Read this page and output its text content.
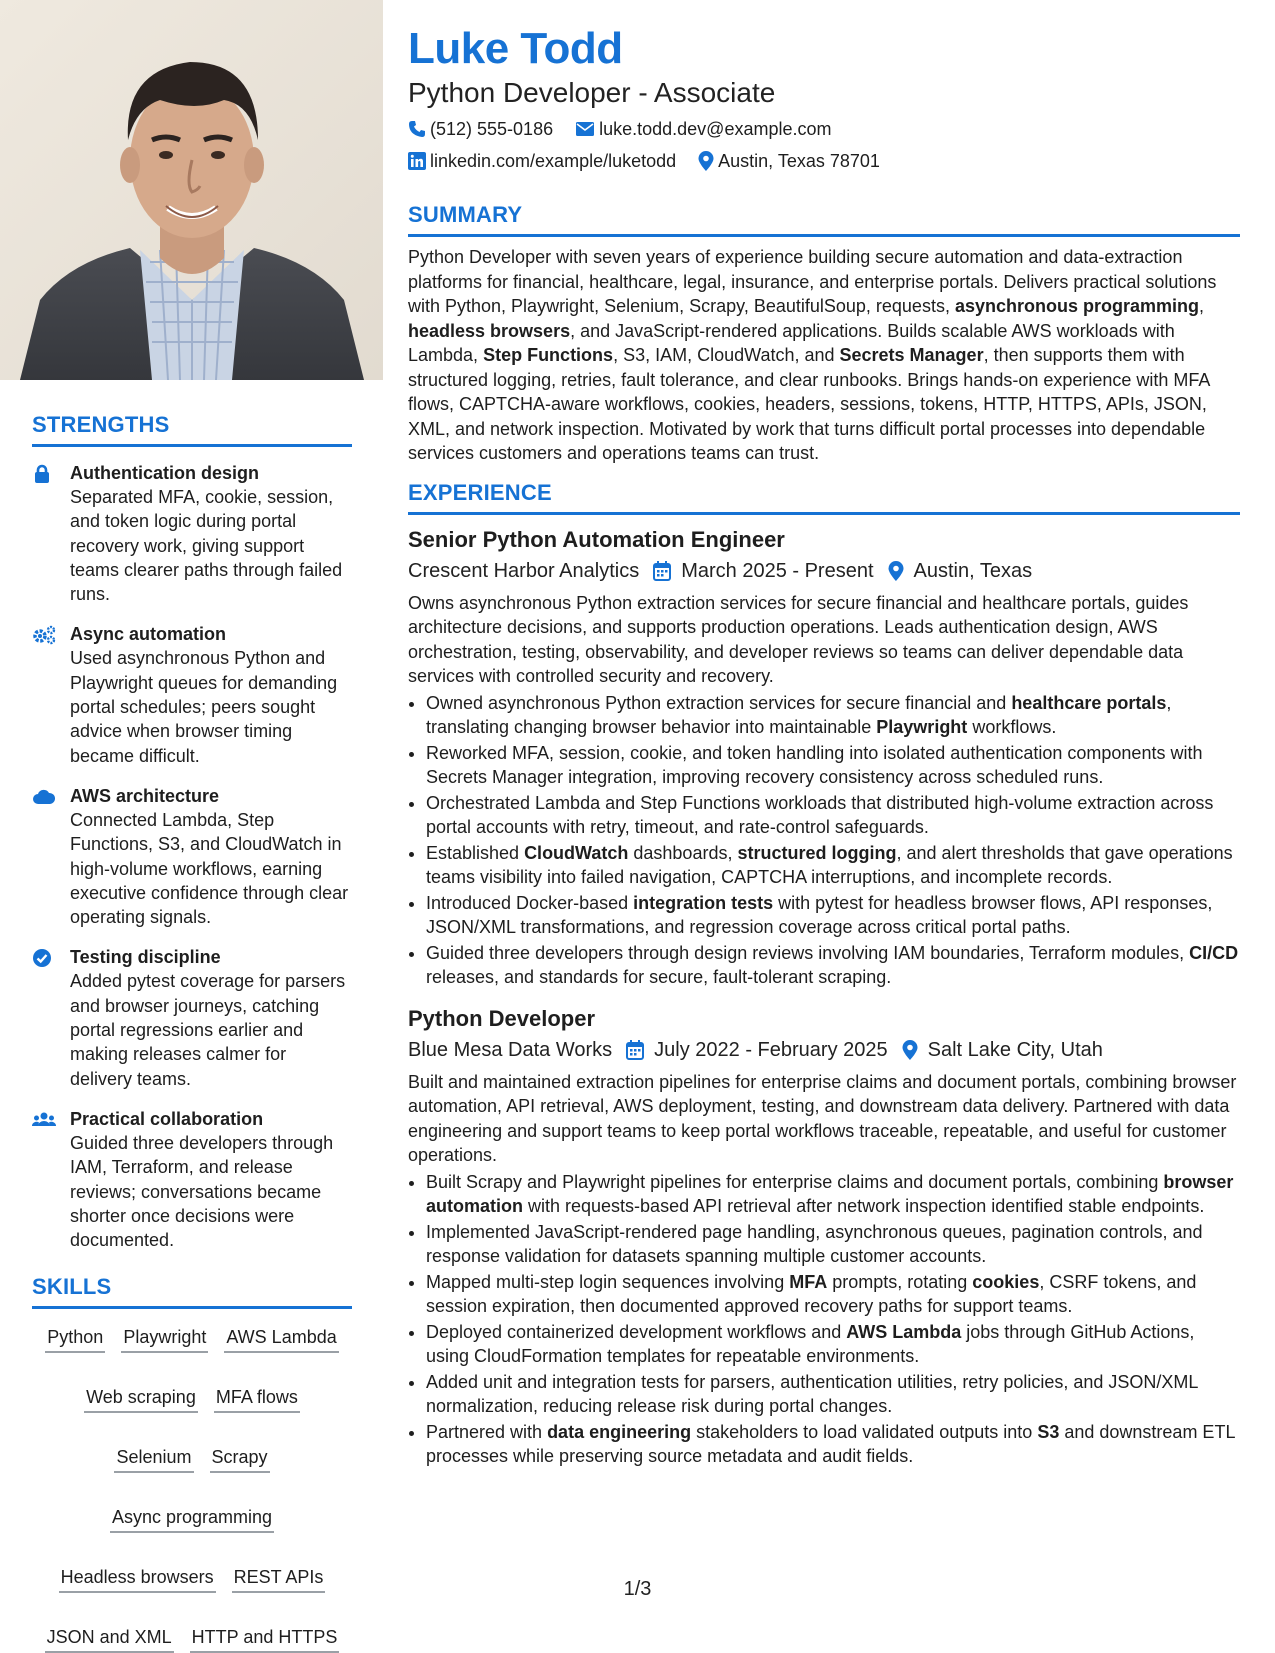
STRENGTHS
Authentication design
Separated MFA, cookie, session, and token logic during portal recovery work, giving support teams clearer paths through failed runs.
Async automation
Used asynchronous Python and Playwright queues for demanding portal schedules; peers sought advice when browser timing became difficult.
AWS architecture
Connected Lambda, Step Functions, S3, and CloudWatch in high-volume workflows, earning executive confidence through clear operating signals.
Testing discipline
Added pytest coverage for parsers and browser journeys, catching portal regressions earlier and making releases calmer for delivery teams.
Practical collaboration
Guided three developers through IAM, Terraform, and release reviews; conversations became shorter once decisions were documented.
SKILLS
Python Playwright AWS Lambda
Web scraping MFA flows
Selenium Scrapy
Async programming
Headless browsers REST APIs
JSON and XML HTTP and HTTPS
Luke Todd
Python Developer - Associate
(512) 555-0186	luke.todd.dev@example.com
linkedin.com/example/luketodd Austin, Texas 78701
SUMMARY
Python Developer with seven years of experience building secure automation and data-extraction platforms for financial, healthcare, legal, insurance, and enterprise portals. Delivers practical solutions with Python, Playwright, Selenium, Scrapy, BeautifulSoup, requests, asynchronous programming, headless browsers, and JavaScript-rendered applications. Builds scalable AWS workloads with Lambda, Step Functions, S3, IAM, CloudWatch, and Secrets Manager, then supports them with structured logging, retries, fault tolerance, and clear runbooks. Brings hands-on experience with MFA flows, CAPTCHA-aware workflows, cookies, headers, sessions, tokens, HTTP, HTTPS, APIs, JSON, XML, and network inspection. Motivated by work that turns difficult portal processes into dependable services customers and operations teams can trust.
EXPERIENCE
Senior Python Automation Engineer
Crescent Harbor Analytics March 2025 - Present Austin, Texas
Owns asynchronous Python extraction services for secure financial and healthcare portals, guides architecture decisions, and supports production operations. Leads authentication design, AWS orchestration, testing, observability, and developer reviews so teams can deliver dependable data services with controlled security and recovery.
• Owned asynchronous Python extraction services for secure financial and healthcare portals, translating changing browser behavior into maintainable Playwright workflows.
• Reworked MFA, session, cookie, and token handling into isolated authentication components with Secrets Manager integration, improving recovery consistency across scheduled runs.
• Orchestrated Lambda and Step Functions workloads that distributed high-volume extraction across portal accounts with retry, timeout, and rate-control safeguards.
• Established CloudWatch dashboards, structured logging, and alert thresholds that gave operations teams visibility into failed navigation, CAPTCHA interruptions, and incomplete records.
• Introduced Docker-based integration tests with pytest for headless browser flows, API responses, JSON/XML transformations, and regression coverage across critical portal paths.
• Guided three developers through design reviews involving IAM boundaries, Terraform modules, CI/CD releases, and standards for secure, fault-tolerant scraping.
Python Developer
Blue Mesa Data Works July 2022 - February 2025 Salt Lake City, Utah
Built and maintained extraction pipelines for enterprise claims and document portals, combining browser automation, API retrieval, AWS deployment, testing, and downstream data delivery. Partnered with data engineering and support teams to keep portal workflows traceable, repeatable, and useful for customer operations.
• Built Scrapy and Playwright pipelines for enterprise claims and document portals, combining browser automation with requests-based API retrieval after network inspection identified stable endpoints.
• Implemented JavaScript-rendered page handling, asynchronous queues, pagination controls, and response validation for datasets spanning multiple customer accounts.
• Mapped multi-step login sequences involving MFA prompts, rotating cookies, CSRF tokens, and session expiration, then documented approved recovery paths for support teams.
• Deployed containerized development workflows and AWS Lambda jobs through GitHub Actions, using CloudFormation templates for repeatable environments.
• Added unit and integration tests for parsers, authentication utilities, retry policies, and JSON/XML normalization, reducing release risk during portal changes.
• Partnered with data engineering stakeholders to load validated outputs into S3 and downstream ETL processes while preserving source metadata and audit fields.
1/3
